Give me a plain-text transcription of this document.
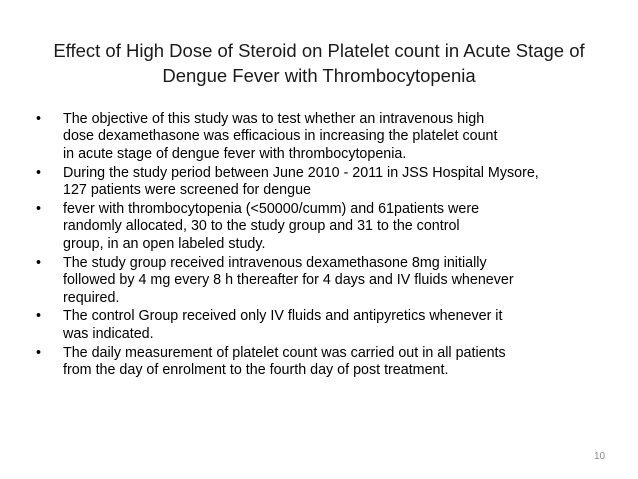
Effect of High Dose of Steroid on Platelet count in Acute Stage of
Dengue Fever with Thrombocytopenia
•	The objective of this study was to test whether an intravenous high
dose dexamethasone was efficacious in increasing the platelet count
in acute stage of dengue fever with thrombocytopenia.
•	During the study period between June 2010 - 2011 in JSS Hospital Mysore,
127 patients were screened for dengue
•	fever with thrombocytopenia (<50000/cumm) and 61patients were
randomly allocated, 30 to the study group and 31 to the control
group, in an open labeled study.
•	The study group received intravenous dexamethasone 8mg initially
followed by 4 mg every 8 h thereafter for 4 days and IV fluids whenever
required.
•	The control Group received only IV fluids and antipyretics whenever it
was indicated.
•	The daily measurement of platelet count was carried out in all patients
from the day of enrolment to the fourth day of post treatment.
10
